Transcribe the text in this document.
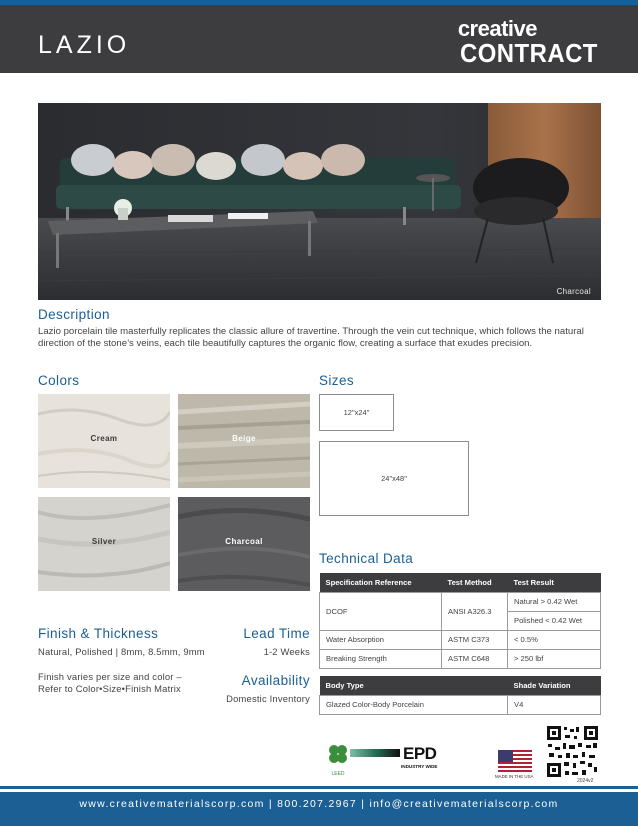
LAZIO
creative
CONTRACT
Charcoal
Description
Lazio porcelain tile masterfully replicates the classic allure of travertine. Through the vein cut technique, which follows the natural direction of the stone’s veins, each tile beautifully captures the organic flow, creating a surface that exudes precision.
Colors
Cream	Beige
Silver	Charcoal
Sizes
12"x24"
24"x48"
Technical Data
Specification Reference	Test Method	Test Result
DCOF	ANSI A326.3	Natural > 0.42 Wet
		Polished < 0.42 Wet
Water Absorption	ASTM C373	< 0.5%
Breaking Strength	ASTM C648	> 250 lbf
Body Type	Shade Variation
Glazed Color-Body Porcelain	V4
Finish & Thickness
Natural, Polished | 8mm, 8.5mm, 9mm
Finish varies per size and color – Refer to Color•Size•Finish Matrix
Lead Time
1-2 Weeks
Availability
Domestic Inventory
LEED
EPD
INDUSTRY WIDE
MADE IN THE USA
2024v2
www.creativematerialscorp.com | 800.207.2967 | info@creativematerialscorp.com
